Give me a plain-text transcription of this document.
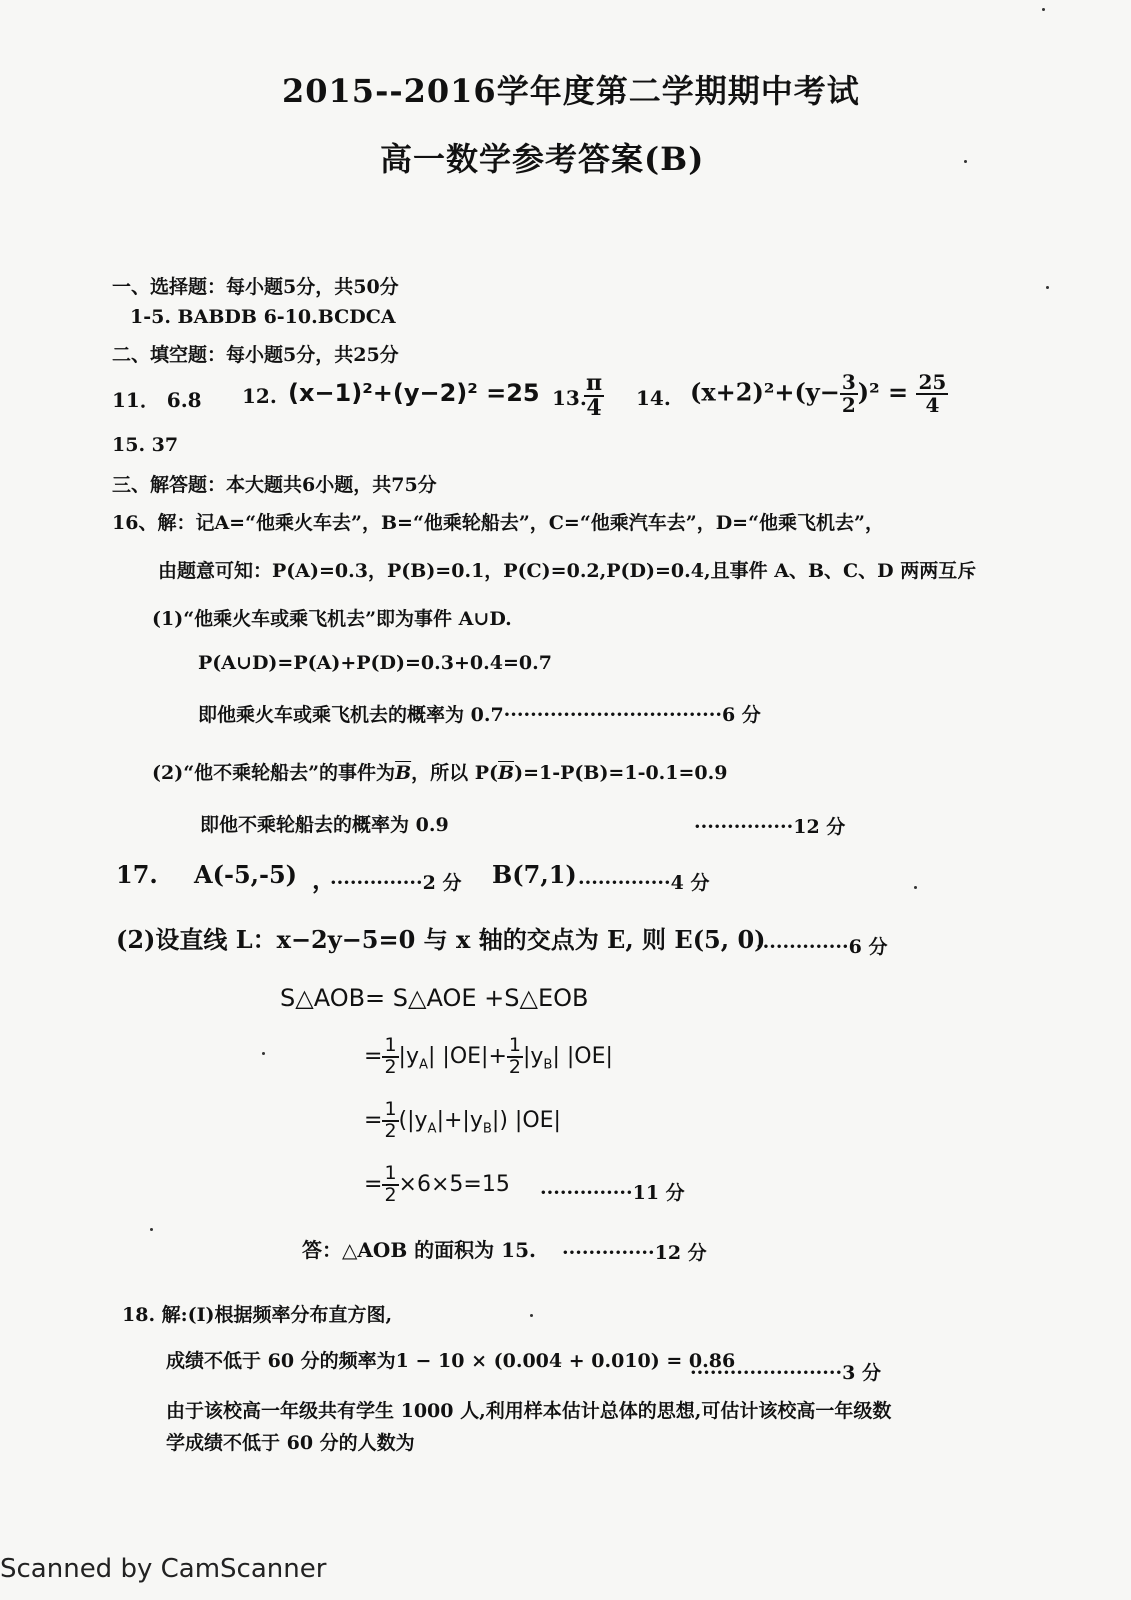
2015--2016学年度第二学期期中考试
高一数学参考答案(B)
一、选择题：每小题5分，共50分
1-5. BABDB 6-10.BCDCA
二、填空题：每小题5分，共25分
11． 6.8 12. (x−1)²+(y−2)² =25 13.
$\frac{\pi}{4} 14$. $(x+2)^2+(y- \frac{3}{2} )^2 = \frac{25}{4}$
15. 37
三、解答题：本大题共6小题，共75分
16、解：记A=“他乘火车去”，B=“他乘轮船去”，C=“他乘汽车去”，D=“他乘飞机去”，
由题意可知：P(A)=0.3，P(B)=0.1，P(C)=0.2,P(D)=0.4,且事件 A、B、C、D 两两互斥
(1)“他乘火车或乘飞机去”即为事件 A∪D.
P(A∪D)=P(A)+P(D)=0.3+0.4=0.7
即他乘火车或乘飞机去的概率为 0.7·································6 分
(2)“他不乘轮船去”的事件为$\overline{B}$，所以 $P(\overline{B})=1-P(B)=1-0.1=0.9$
即他不乘轮船去的概率为 0.9	···············12 分
17. A(-5,-5) ，
··············2 分 B(7,1) ··············4 分
(2)设直线 L：x−2y−5=0 与 x 轴的交点为 E, 则 E(5, 0)
··············6 分
S△AOB= S△AOE +S△EOB
= $\frac{1}{2} |y_A|$ $|OE|+ \frac{1}{2} |y_B|$ |OE|
= $\frac{1}{2} (|y_A|+|y_B|)$ |OE|
= $\frac{1}{2} \times 6\times 5=15 \cdot\cdot\cdot\cdot\cdot\cdot\cdot\cdot\cdot\cdot\cdot\cdot\cdot\cdot 11$ 分
答：△AOB 的面积为 15. ··············12 分
18. 解:(Ⅰ)根据频率分布直方图,
成绩不低于 60 分的频率为1 − 10 × (0.004 + 0.010) = 0.86
·······················3 分
由于该校高一年级共有学生 1000 人,利用样本估计总体的思想,可估计该校高一年级数
学成绩不低于 60 分的人数为
Scanned by CamScanner
